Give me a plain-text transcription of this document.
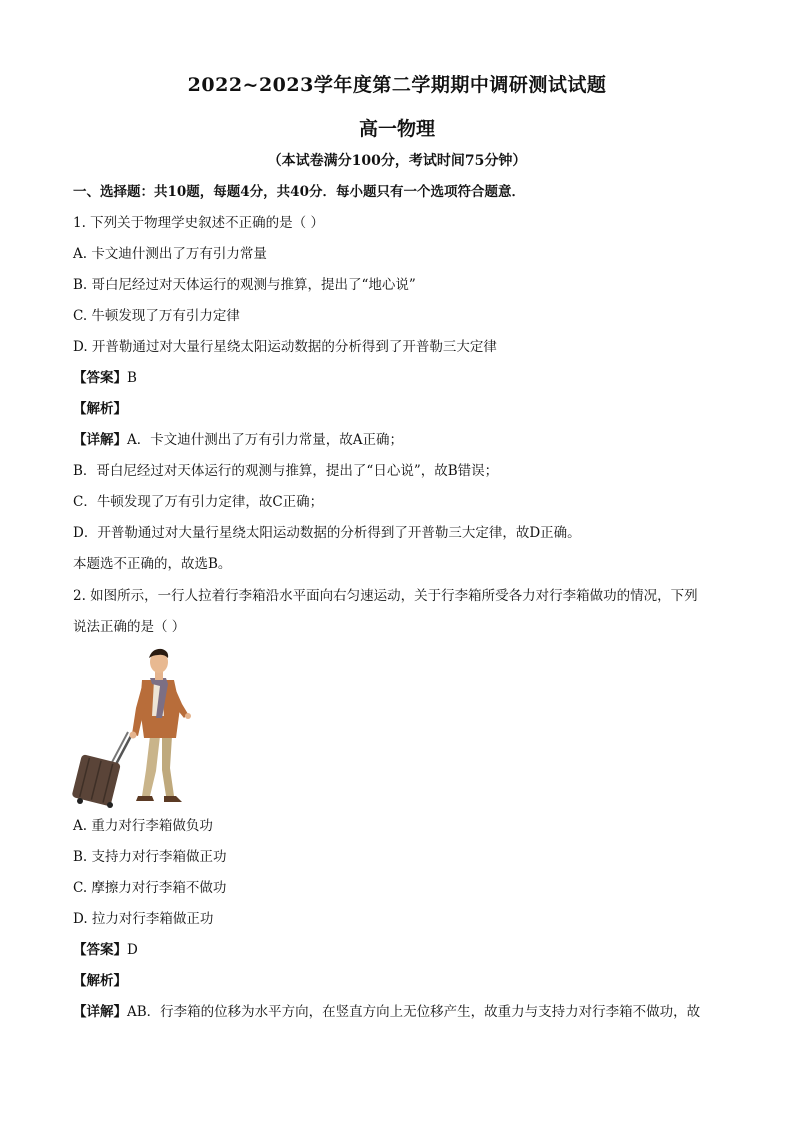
2022~2023学年度第二学期期中调研测试试题
高一物理
（本试卷满分100分，考试时间75分钟）
一、选择题：共10题，每题4分，共40分．每小题只有一个选项符合题意．
1. 下列关于物理学史叙述不正确的是（ ）
A. 卡文迪什测出了万有引力常量
B. 哥白尼经过对天体运行的观测与推算，提出了“地心说”
C. 牛顿发现了万有引力定律
D. 开普勒通过对大量行星绕太阳运动数据的分析得到了开普勒三大定律
【答案】B
【解析】
【详解】A．卡文迪什测出了万有引力常量，故A正确；
B．哥白尼经过对天体运行的观测与推算，提出了“日心说”，故B错误；
C．牛顿发现了万有引力定律，故C正确；
D．开普勒通过对大量行星绕太阳运动数据的分析得到了开普勒三大定律，故D正确。
本题选不正确的，故选B。
2. 如图所示，一行人拉着行李箱沿水平面向右匀速运动，关于行李箱所受各力对行李箱做功的情况，下列
说法正确的是（ ）
A. 重力对行李箱做负功
B. 支持力对行李箱做正功
C. 摩擦力对行李箱不做功
D. 拉力对行李箱做正功
【答案】D
【解析】
【详解】AB．行李箱的位移为水平方向，在竖直方向上无位移产生，故重力与支持力对行李箱不做功，故
